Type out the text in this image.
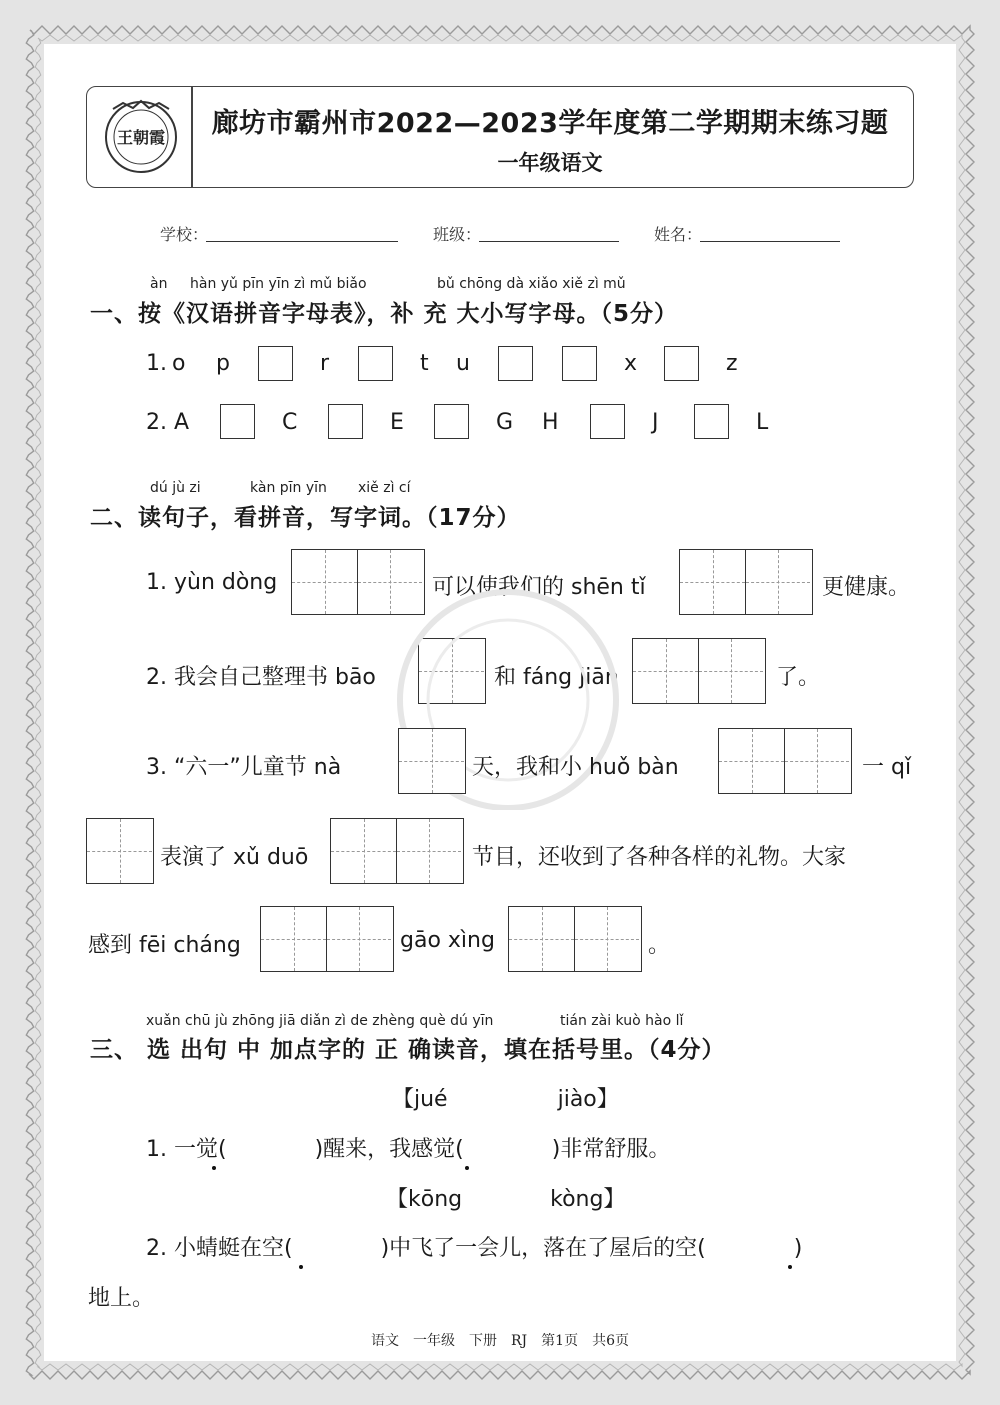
王朝霞	廊坊市霸州市2022—2023学年度第二学期期末练习题
一年级语文
学校：	班级：	姓名：
àn hàn yǔ pīn yīn zì mǔ biǎo	bǔ chōng dà xiǎo xiě zì mǔ
一、按《汉语拼音字母表》，补 充 大小写字母。（5分）
1. o p	r	t u	x	z
2. A	C	E	G H	J	L
dú jù zi	kàn pīn yīn xiě zì cí
二、读句子，看拼音，写字词。（17分）
1. yùn dòng	可以使我们的 shēn tǐ	更健康。
2. 我会自己整理书 bāo	和 fáng jiān	了。
3. “六一”儿童节 nà	天，我和小 huǒ bàn	一 qǐ
表演了 xǔ duō	节目，还收到了各种各样的礼物。大家
感到 fēi cháng	gāo xìng	。
xuǎn chū jù zhōng jiā diǎn zì de zhèng què dú yīn	tián zài kuò hào lǐ
三、 选 出句 中 加点字的 正 确读音，填在括号里。（4分）
【jué　　　　　jiào】
1. 一觉(　　　　)醒来，我感觉(　　　　)非常舒服。
【kōng　　　　kòng】
2. 小蜻蜓在空(　　　　)中飞了一会儿，落在了屋后的空(　　　　)
地上。
语文　一年级　下册　RJ　第1页　共6页
